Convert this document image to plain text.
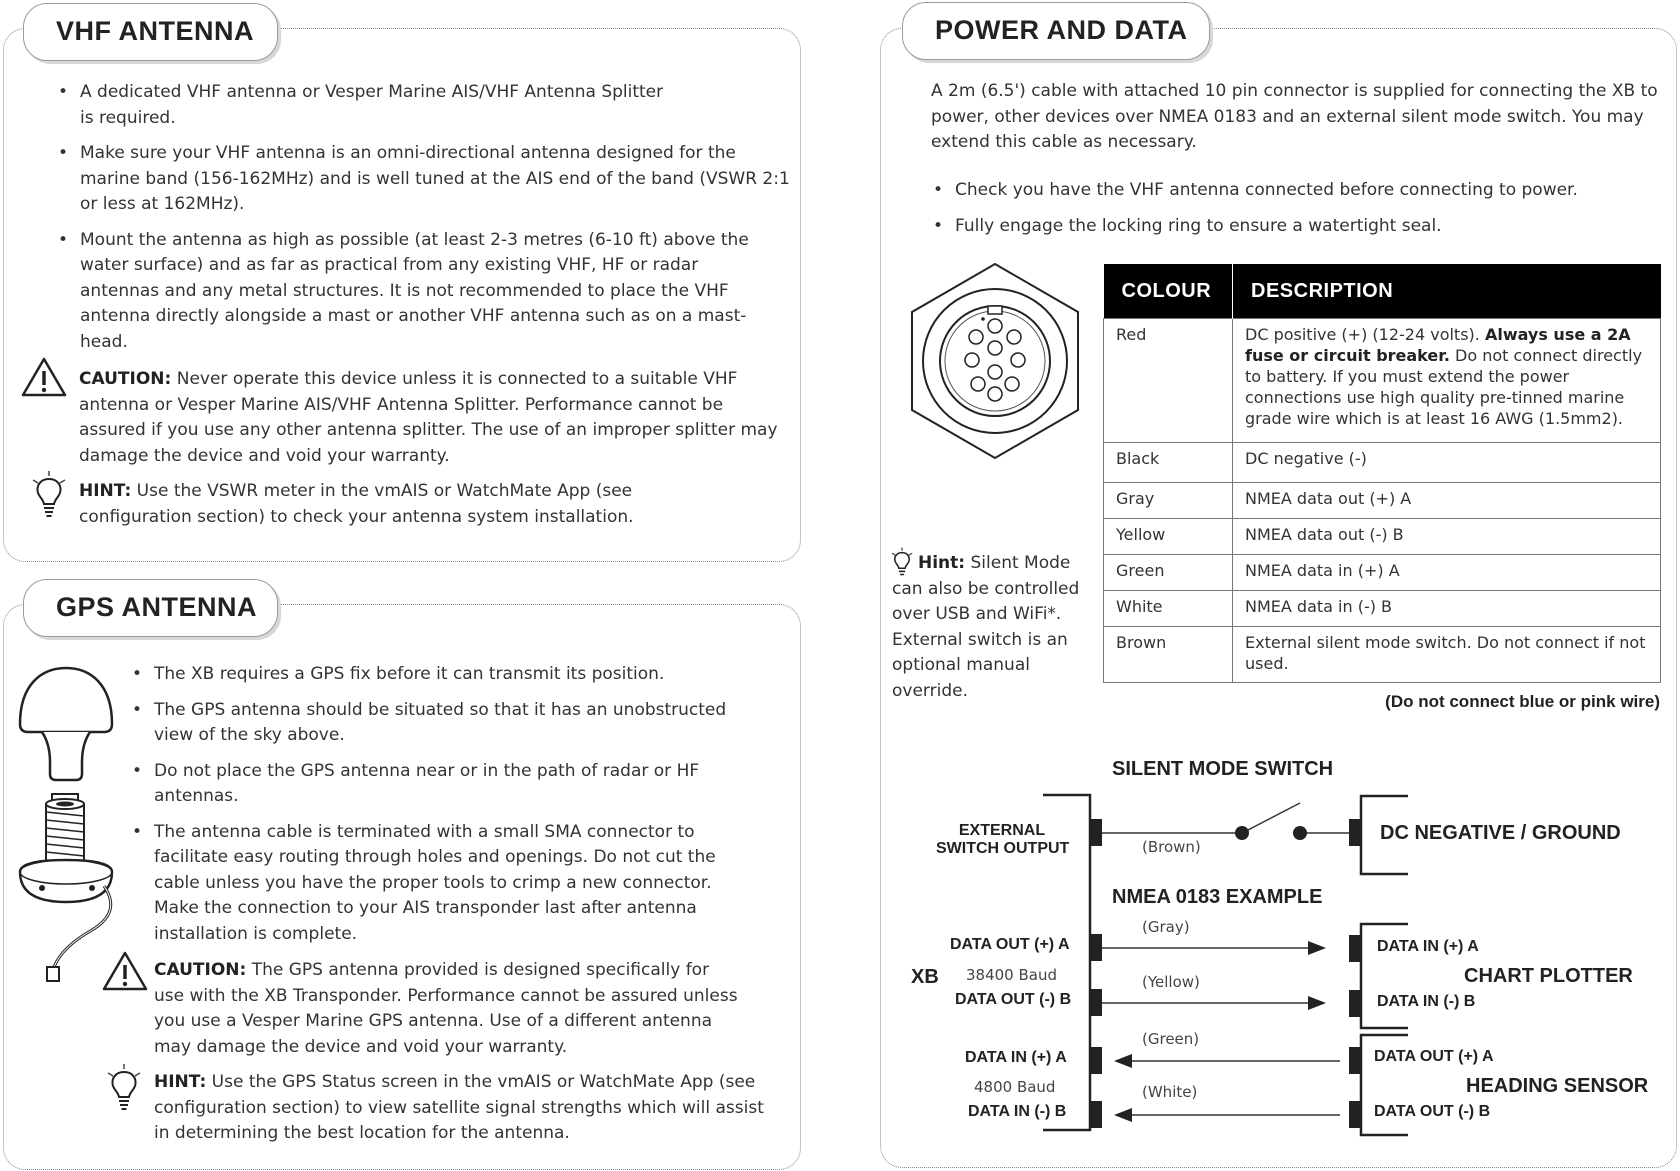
VHF ANTENNA
• A dedicated VHF antenna or Vesper Marine AIS/VHF Antenna Splitter is required.
• Make sure your VHF antenna is an omni-directional antenna designed for the marine band (156-162MHz) and is well tuned at the AIS end of the band (VSWR 2:1 or less at 162MHz).
• Mount the antenna as high as possible (at least 2-3 metres (6-10 ft) above the water surface) and as far as practical from any existing VHF, HF or radar antennas and any metal structures. It is not recommended to place the VHF antenna directly alongside a mast or another VHF antenna such as on a mast-head.
CAUTION: Never operate this device unless it is connected to a suitable VHF antenna or Vesper Marine AIS/VHF Antenna Splitter. Performance cannot be assured if you use any other antenna splitter. The use of an improper splitter may damage the device and void your warranty.
HINT: Use the VSWR meter in the vmAIS or WatchMate App (see configuration section) to check your antenna system installation.
GPS ANTENNA
• The XB requires a GPS fix before it can transmit its position.
• The GPS antenna should be situated so that it has an unobstructed view of the sky above.
• Do not place the GPS antenna near or in the path of radar or HF antennas.
• The antenna cable is terminated with a small SMA connector to facilitate easy routing through holes and openings. Do not cut the cable unless you have the proper tools to crimp a new connector. Make the connection to your AIS transponder last after antenna installation is complete.
CAUTION: The GPS antenna provided is designed specifically for use with the XB Transponder. Performance cannot be assured unless you use a Vesper Marine GPS antenna. Use of a different antenna may damage the device and void your warranty.
HINT: Use the GPS Status screen in the vmAIS or WatchMate App (see configuration section) to view satellite signal strengths which will assist in determining the best location for the antenna.
POWER AND DATA
A 2m (6.5') cable with attached 10 pin connector is supplied for connecting the XB to power, other devices over NMEA 0183 and an external silent mode switch. You may extend this cable as necessary.
• Check you have the VHF antenna connected before connecting to power.
• Fully engage the locking ring to ensure a watertight seal.
Hint: Silent Mode can also be controlled over USB and WiFi*. External switch is an optional manual override.
COLOUR	DESCRIPTION
Red	DC positive (+) (12-24 volts). Always use a 2A fuse or circuit breaker. Do not connect directly to battery. If you must extend the power connections use high quality pre-tinned marine grade wire which is at least 16 AWG (1.5mm2).
Black	DC negative (-)
Gray	NMEA data out (+) A
Yellow	NMEA data out (-) B
Green	NMEA data in (+) A
White	NMEA data in (-) B
Brown	External silent mode switch. Do not connect if not used.
(Do not connect blue or pink wire)
SILENT MODE SWITCH
EXTERNAL
SWITCH OUTPUT	(Brown)
DC NEGATIVE / GROUND
NMEA 0183 EXAMPLE
XB
DATA OUT (+) A
38400 Baud
DATA OUT (-) B
DATA IN (+) A
4800 Baud
DATA IN (-) B
(Gray)
(Yellow)
(Green)
(White)
DATA IN (+) A
DATA IN (-) B
CHART PLOTTER
DATA OUT (+) A
DATA OUT (-) B
HEADING SENSOR
